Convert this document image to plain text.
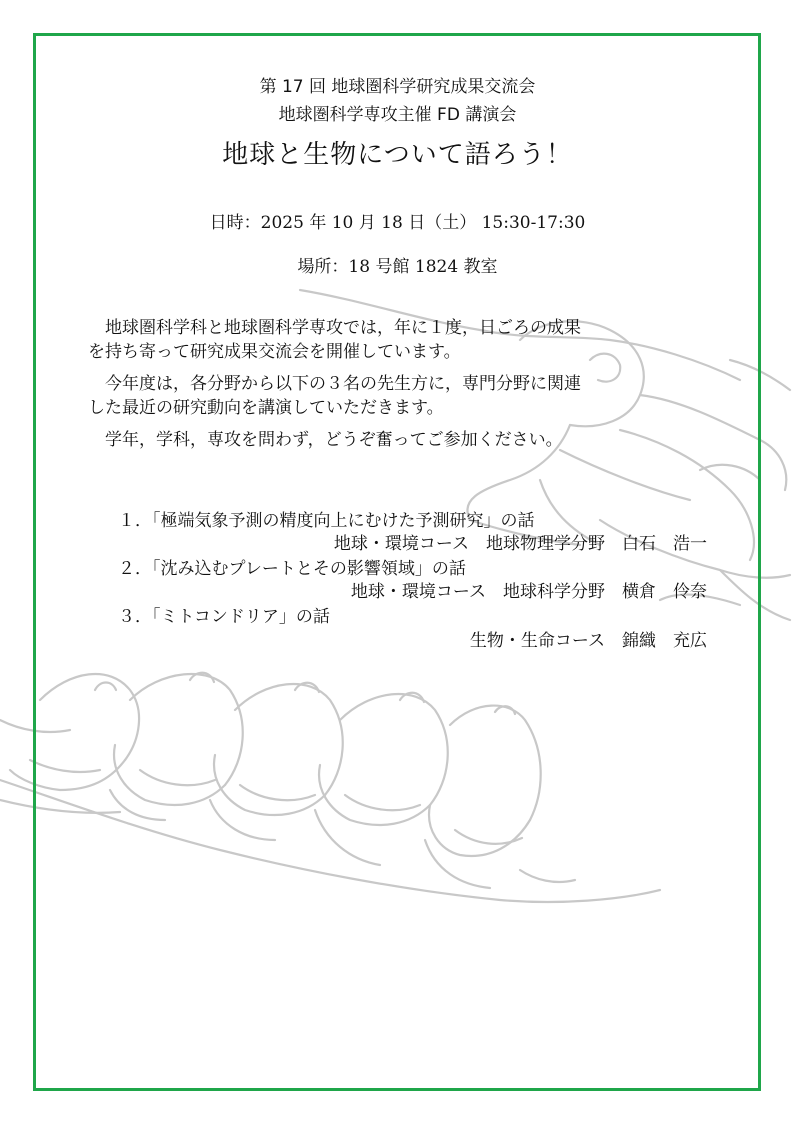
第 17 回 地球圏科学研究成果交流会
地球圏科学専攻主催 FD 講演会
地球と生物について語ろう！
日時：2025 年 10 月 18 日（土） 15:30-17:30
場所：18 号館 1824 教室
　地球圏科学科と地球圏科学専攻では，年に１度，日ごろの成果
を持ち寄って研究成果交流会を開催しています。
　今年度は，各分野から以下の３名の先生方に，専門分野に関連
した最近の研究動向を講演していただきます。
　学年，学科，専攻を問わず，どうぞ奮ってご参加ください。
１．「極端気象予測の精度向上にむけた予測研究」の話
地球・環境コース　地球物理学分野　白石　浩一
２．「沈み込むプレートとその影響領域」の話
地球・環境コース　地球科学分野　横倉　伶奈
３．「ミトコンドリア」の話
生物・生命コース　錦織　充広
